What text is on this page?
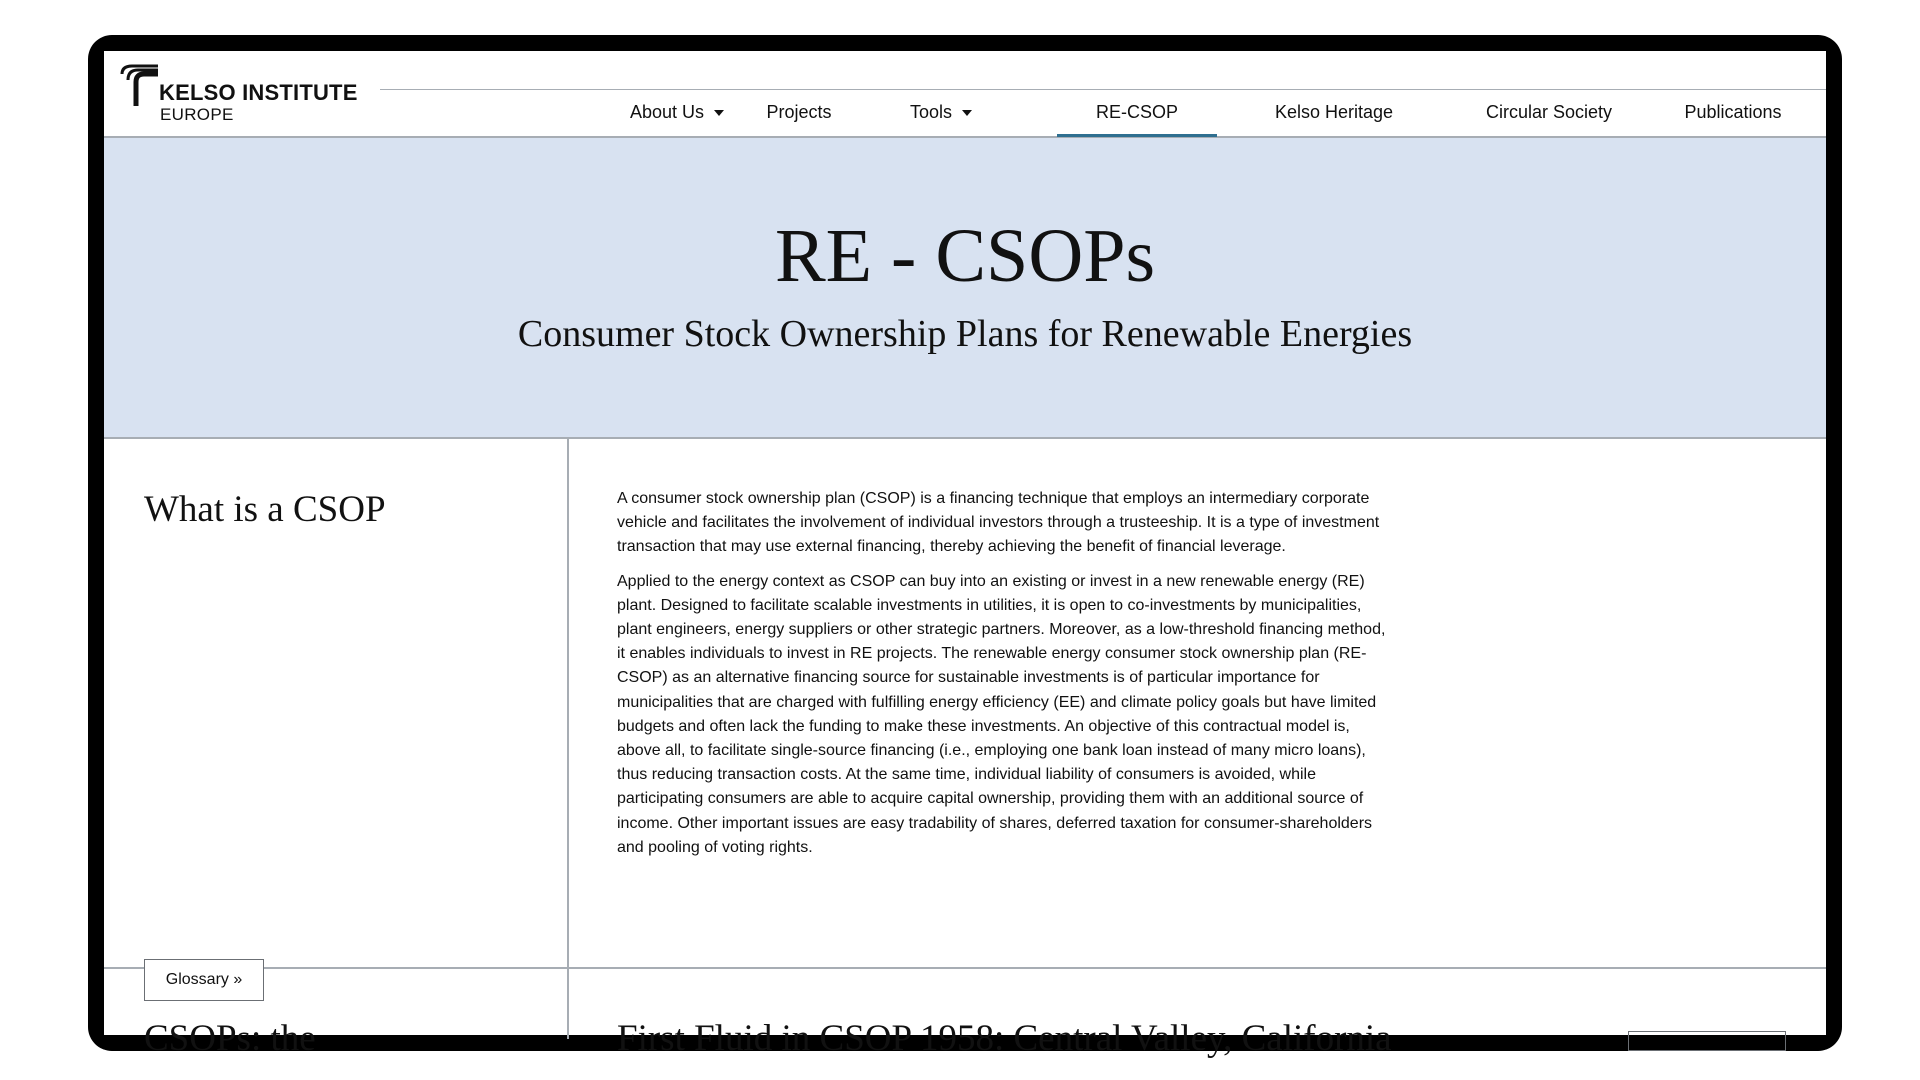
KELSO INSTITUTE
EUROPE	About Us	Projects	Tools	RE-CSOP	Kelso Heritage	Circular Society	Publications
RE - CSOPs
Consumer Stock Ownership Plans for Renewable Energies
What is a CSOP	A consumer stock ownership plan (CSOP) is a financing technique that employs an intermediary corporate vehicle and facilitates the involvement of individual investors through a trusteeship. It is a type of investment transaction that may use external financing, thereby achieving the benefit of financial leverage.

Applied to the energy context as CSOP can buy into an existing or invest in a new renewable energy (RE) plant. Designed to facilitate scalable investments in utilities, it is open to co-investments by municipalities, plant engineers, energy suppliers or other strategic partners. Moreover, as a low-threshold financing method, it enables individuals to invest in RE projects. The renewable energy consumer stock ownership plan (RE-CSOP) as an alternative financing source for sustainable investments is of particular importance for municipalities that are charged with fulfilling energy efficiency (EE) and climate policy goals but have limited budgets and often lack the funding to make these investments. An objective of this contractual model is, above all, to facilitate single-source financing (i.e., employing one bank loan instead of many micro loans), thus reducing transaction costs. At the same time, individual liability of consumers is avoided, while participating consumers are able to acquire capital ownership, providing them with an additional source of income. Other important issues are easy tradability of shares, deferred taxation for consumer-shareholders and pooling of voting rights.

CSOPs: the	First Fluid in CSOP 1958: Central Valley, California
Glossary »
